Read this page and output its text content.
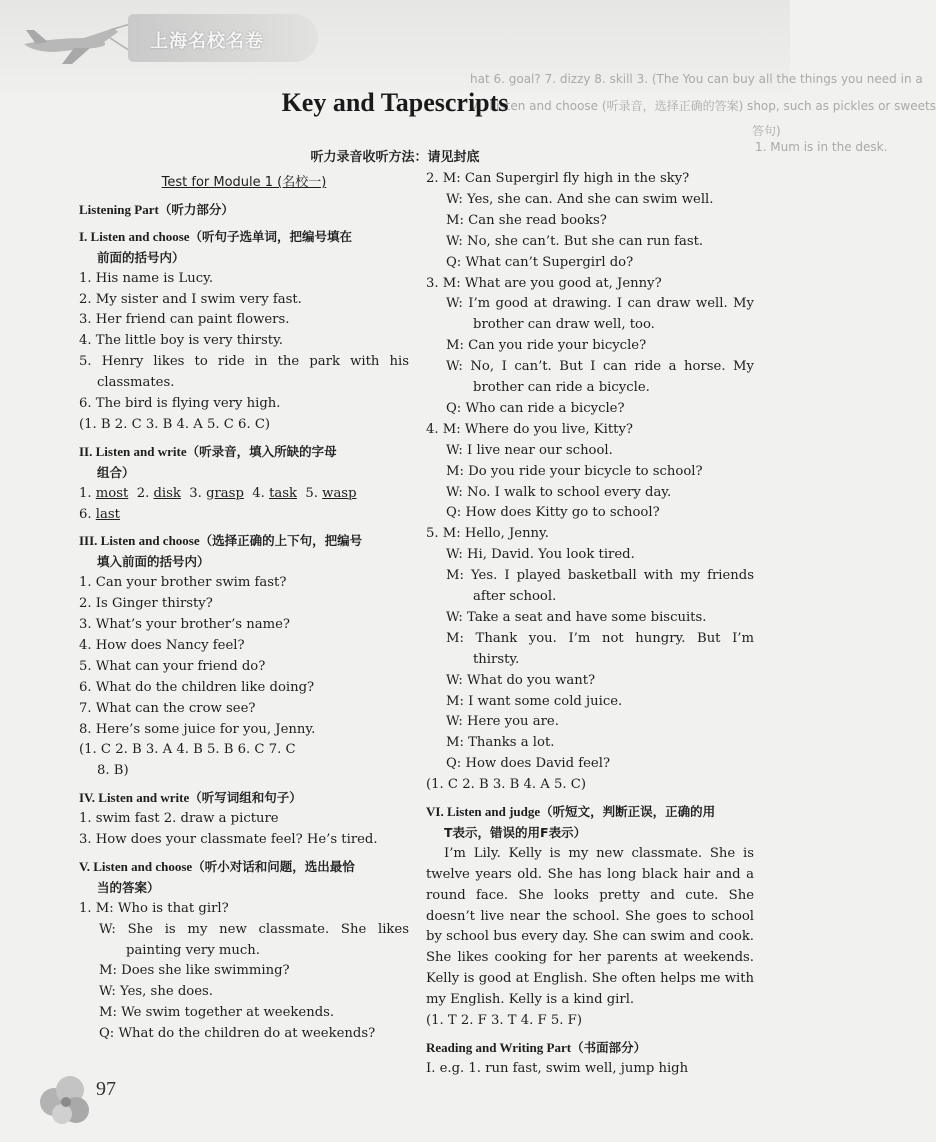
上海名校名卷
hat 6. goal? 7. dizzy 8. skill 3. (The You can buy all the things you need in a
VI. Listen and choose (听录音，选择正确的答案) shop, such as pickles or sweets
答句)
1. Mum is in the desk.
Key and Tapescripts
听力录音收听方法：请见封底
Test for Module 1 (名校一)
Listening Part（听力部分）
I. Listen and choose（听句子选单词，把编号填在
前面的括号内）
1. His name is Lucy.
2. My sister and I swim very fast.
3. Her friend can paint flowers.
4. The little boy is very thirsty.
5. Henry likes to ride in the park with his
classmates.
6. The bird is flying very high.
(1. B 2. C 3. B 4. A 5. C 6. C)
II. Listen and write（听录音，填入所缺的字母
组合）
1. most 2. disk 3. grasp 4. task 5. wasp
6. last
III. Listen and choose（选择正确的上下句，把编号
填入前面的括号内）
1. Can your brother swim fast?
2. Is Ginger thirsty?
3. What’s your brother’s name?
4. How does Nancy feel?
5. What can your friend do?
6. What do the children like doing?
7. What can the crow see?
8. Here’s some juice for you, Jenny.
(1. C 2. B 3. A 4. B 5. B 6. C 7. C
8. B)
IV. Listen and write（听写词组和句子）
1. swim fast 2. draw a picture
3. How does your classmate feel? He’s tired.
V. Listen and choose（听小对话和问题，选出最恰
当的答案）
1. M: Who is that girl?
W: She is my new classmate. She likes
painting very much.
M: Does she like swimming?
W: Yes, she does.
M: We swim together at weekends.
Q: What do the children do at weekends?
2. M: Can Supergirl fly high in the sky?
W: Yes, she can. And she can swim well.
M: Can she read books?
W: No, she can’t. But she can run fast.
Q: What can’t Supergirl do?
3. M: What are you good at, Jenny?
W: I’m good at drawing. I can draw well. My
brother can draw well, too.
M: Can you ride your bicycle?
W: No, I can’t. But I can ride a horse. My
brother can ride a bicycle.
Q: Who can ride a bicycle?
4. M: Where do you live, Kitty?
W: I live near our school.
M: Do you ride your bicycle to school?
W: No. I walk to school every day.
Q: How does Kitty go to school?
5. M: Hello, Jenny.
W: Hi, David. You look tired.
M: Yes. I played basketball with my friends
after school.
W: Take a seat and have some biscuits.
M: Thank you. I’m not hungry. But I’m
thirsty.
W: What do you want?
M: I want some cold juice.
W: Here you are.
M: Thanks a lot.
Q: How does David feel?
(1. C 2. B 3. B 4. A 5. C)
VI. Listen and judge（听短文，判断正误，正确的用
T表示，错误的用F表示）
I’m Lily. Kelly is my new classmate. She is
twelve years old. She has long black hair and a
round face. She looks pretty and cute. She
doesn’t live near the school. She goes to school
by school bus every day. She can swim and cook.
She likes cooking for her parents at weekends.
Kelly is good at English. She often helps me with
my English. Kelly is a kind girl.
(1. T 2. F 3. T 4. F 5. F)
Reading and Writing Part（书面部分）
I. e.g. 1. run fast, swim well, jump high
97
